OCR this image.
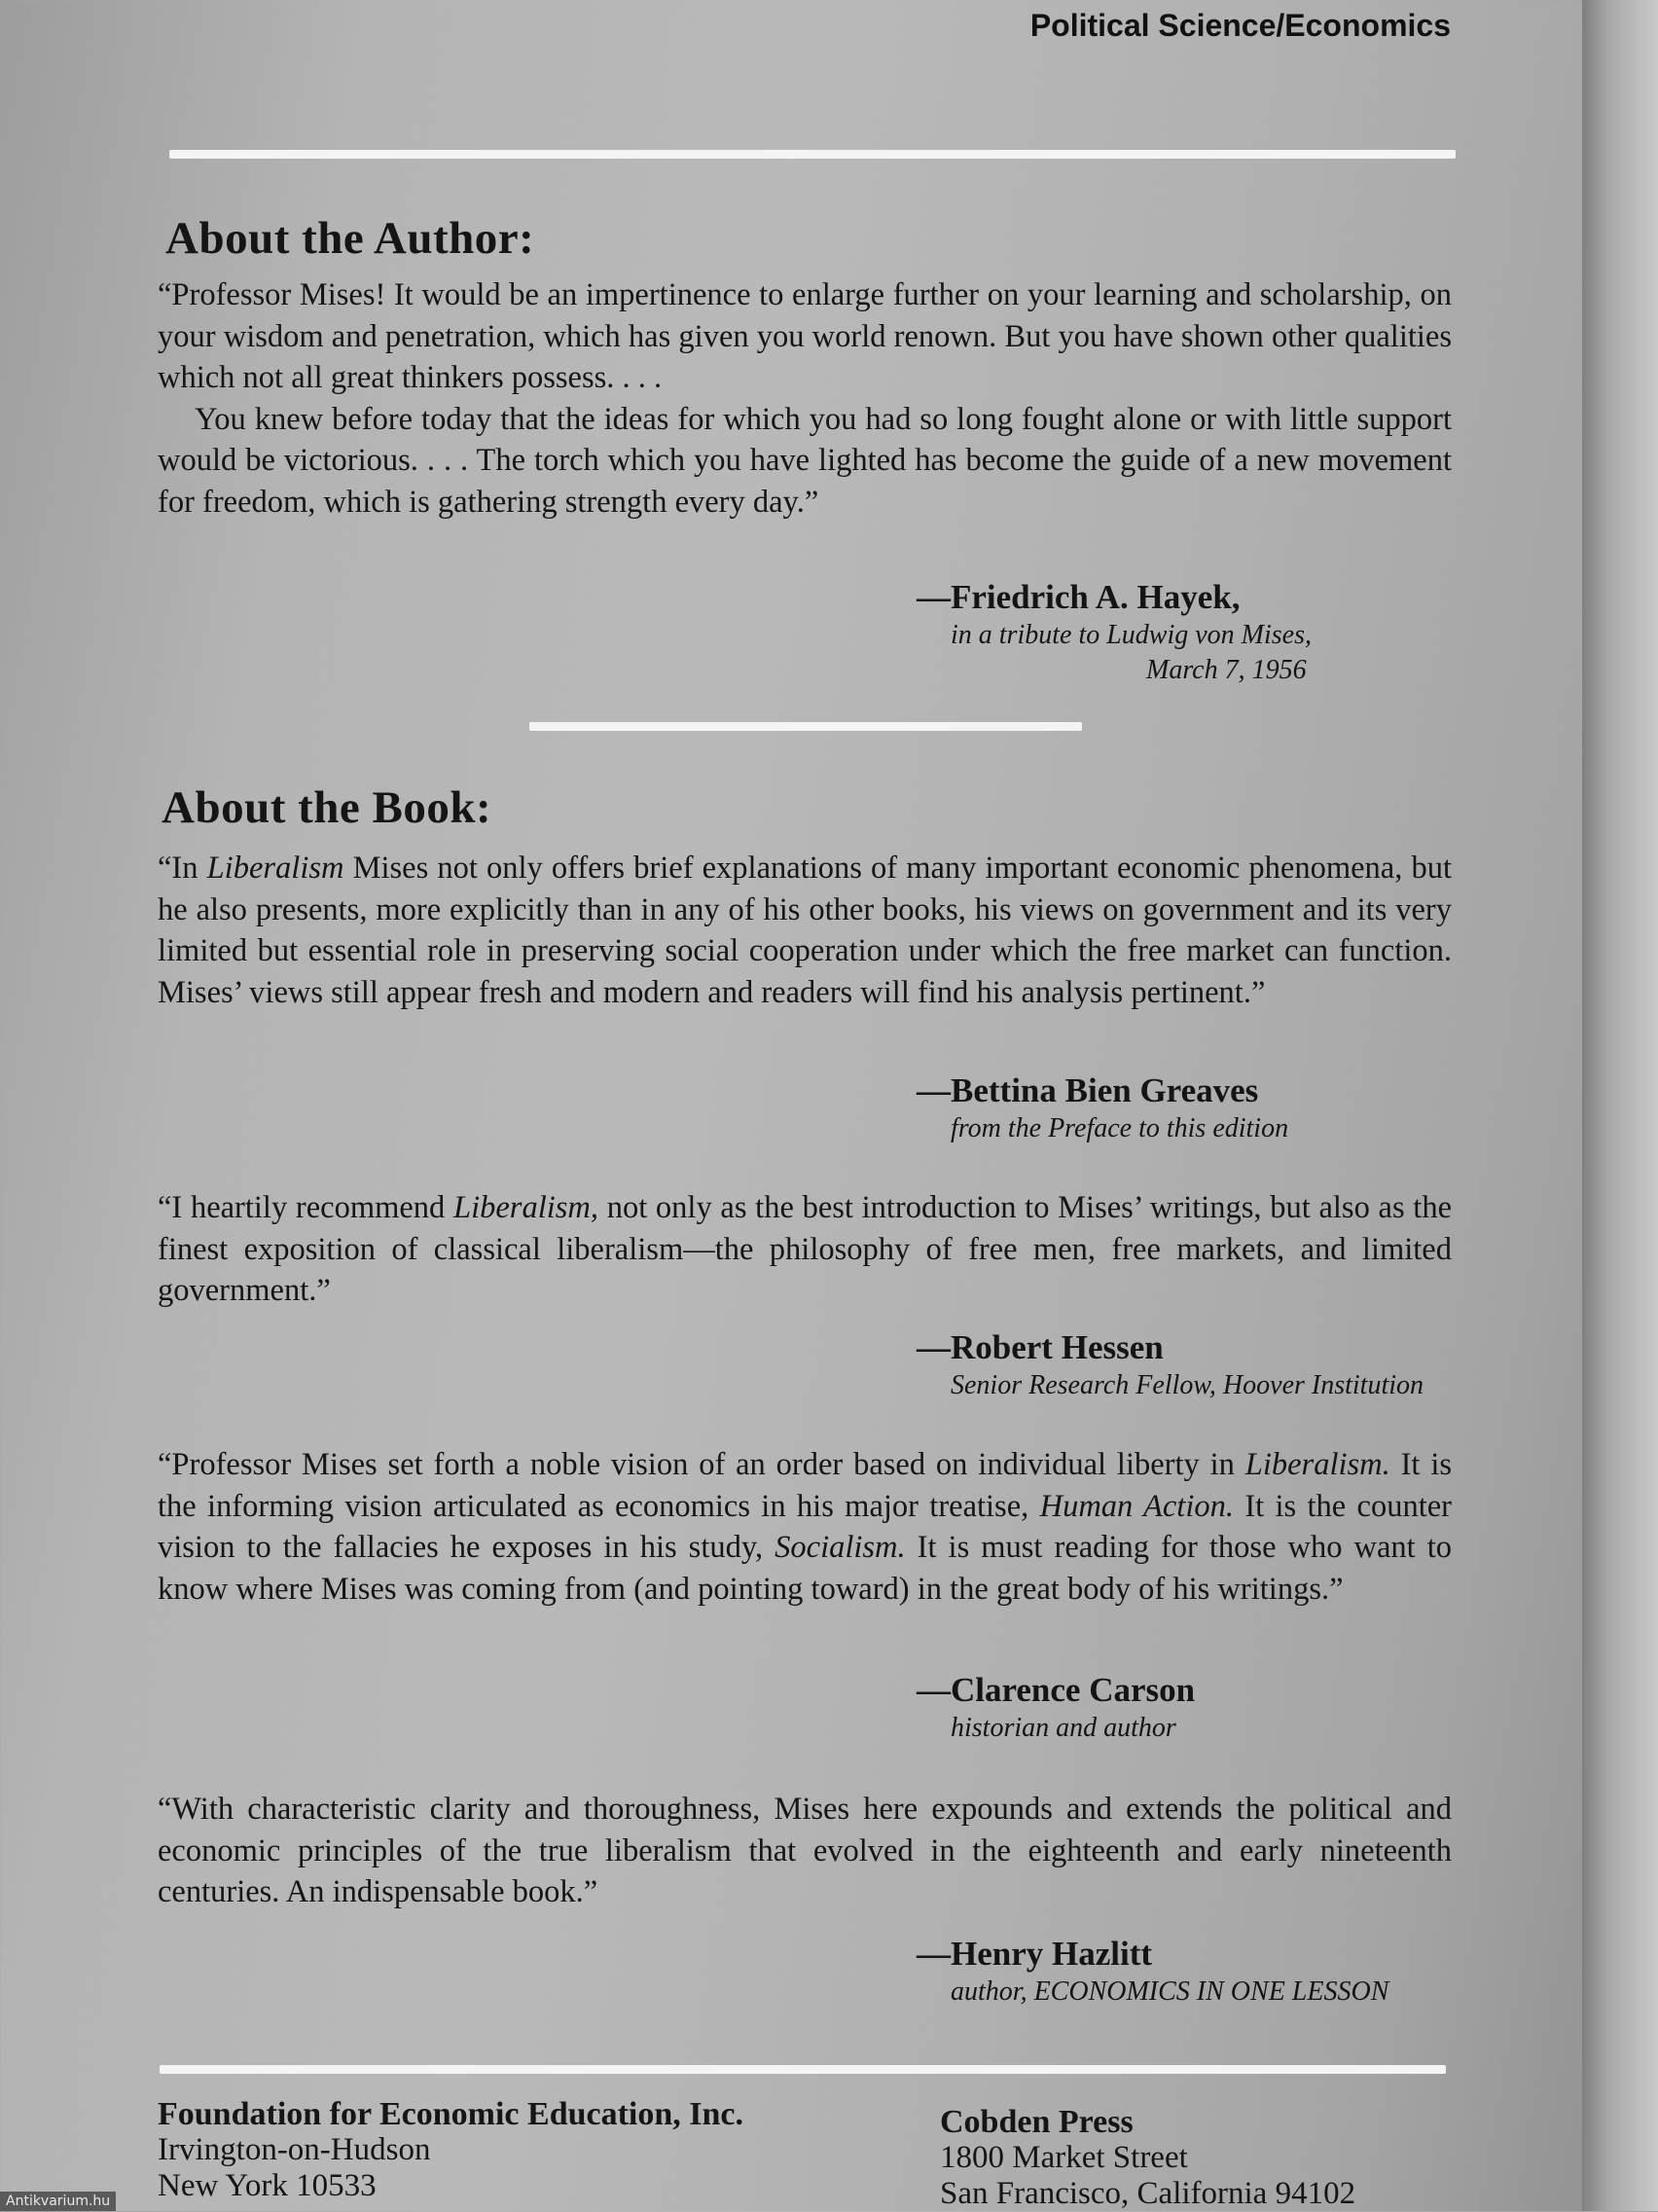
Political Science/Economics
About the Author:
“Professor Mises! It would be an impertinence to enlarge further on your learning and scholarship, on your wisdom and penetration, which has given you world renown. But you have shown other qualities which not all great thinkers possess. . . .
You knew before today that the ideas for which you had so long fought alone or with little support would be victorious. . . . The torch which you have lighted has become the guide of a new movement for freedom, which is gathering strength every day.”
—Friedrich A. Hayek,
in a tribute to Ludwig von Mises,
March 7, 1956
About the Book:
“In Liberalism Mises not only offers brief explanations of many important economic phenomena, but he also presents, more explicitly than in any of his other books, his views on government and its very limited but essential role in preserving social cooperation under which the free market can function. Mises’ views still appear fresh and modern and readers will find his analysis pertinent.”
—Bettina Bien Greaves
from the Preface to this edition
“I heartily recommend Liberalism, not only as the best introduction to Mises’ writings, but also as the finest exposition of classical liberalism—the philosophy of free men, free markets, and limited government.”
—Robert Hessen
Senior Research Fellow, Hoover Institution
“Professor Mises set forth a noble vision of an order based on individual liberty in Liberalism. It is the informing vision articulated as economics in his major treatise, Human Action. It is the counter vision to the fallacies he exposes in his study, Socialism. It is must reading for those who want to know where Mises was coming from (and pointing toward) in the great body of his writings.”
—Clarence Carson
historian and author
“With characteristic clarity and thoroughness, Mises here expounds and extends the political and economic principles of the true liberalism that evolved in the eighteenth and early nineteenth centuries. An indispensable book.”
—Henry Hazlitt
author, ECONOMICS IN ONE LESSON
Foundation for Economic Education, Inc.
Irvington-on-Hudson
New York 10533
Cobden Press
1800 Market Street
San Francisco, California 94102
Antikvarium.hu
